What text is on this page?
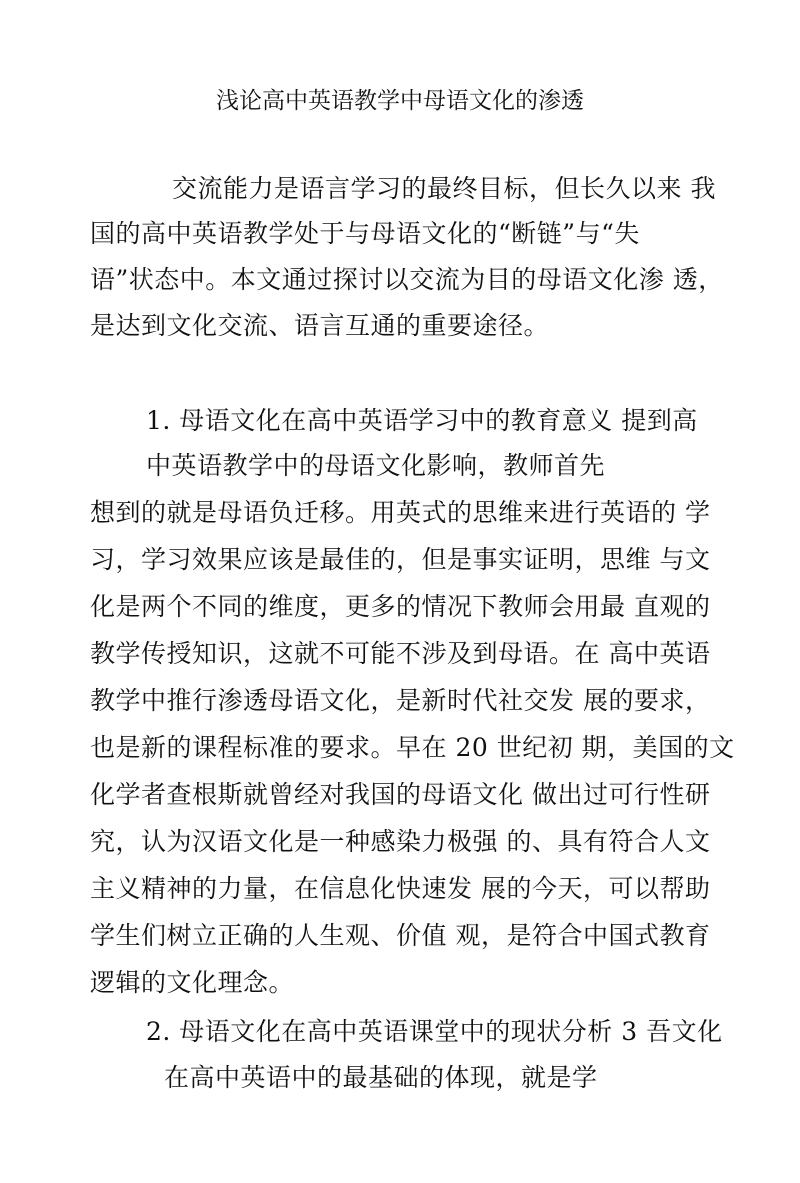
浅论高中英语教学中母语文化的渗透
交流能力是语言学习的最终目标，但长久以来 我
国的高中英语教学处于与母语文化的“断链”与“失
语”状态中。本文通过探讨以交流为目的母语文化渗 透，
是达到文化交流、语言互通的重要途径。
1. 母语文化在高中英语学习中的教育意义 提到高
中英语教学中的母语文化影响，教师首先
想到的就是母语负迁移。用英式的思维来进行英语的 学
习，学习效果应该是最佳的，但是事实证明，思维 与文
化是两个不同的维度，更多的情况下教师会用最 直观的
教学传授知识，这就不可能不涉及到母语。在 高中英语
教学中推行渗透母语文化，是新时代社交发 展的要求，
也是新的课程标准的要求。早在 20 世纪初 期，美国的文
化学者查根斯就曾经对我国的母语文化 做出过可行性研
究，认为汉语文化是一种感染力极强 的、具有符合人文
主义精神的力量，在信息化快速发 展的今天，可以帮助
学生们树立正确的人生观、价值 观，是符合中国式教育
逻辑的文化理念。
2. 母语文化在高中英语课堂中的现状分析 3 吾文化
在高中英语中的最基础的体现，就是学
